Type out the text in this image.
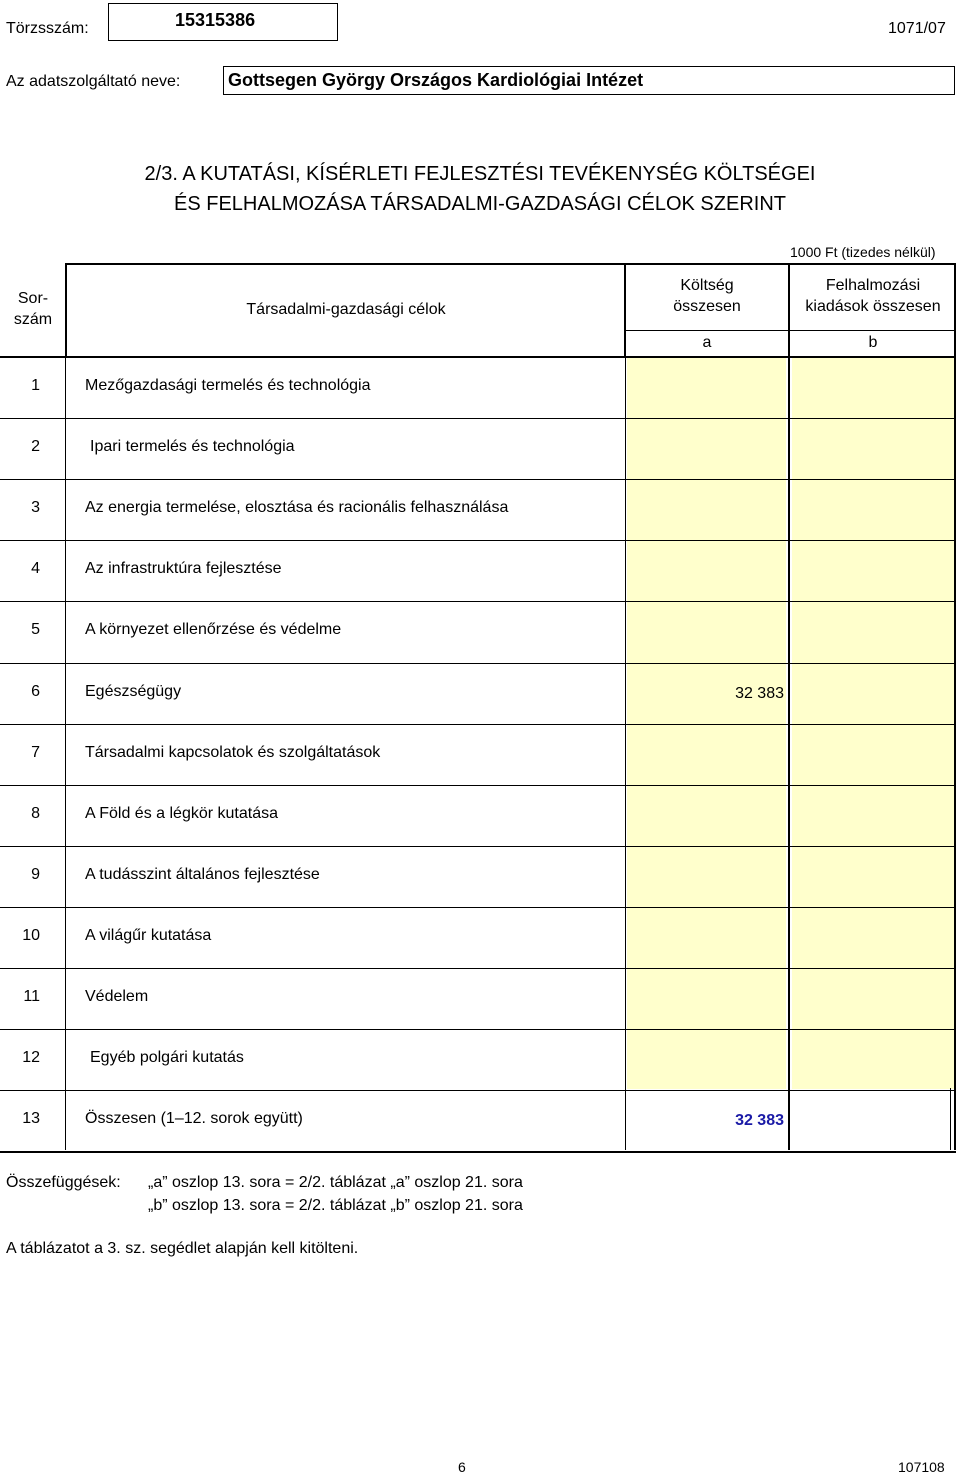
Törzsszám:	15315386	1071/07
Az adatszolgáltató neve:	Gottsegen György Országos Kardiológiai Intézet
2/3. A KUTATÁSI, KÍSÉRLETI FEJLESZTÉSI TEVÉKENYSÉG KÖLTSÉGEI
ÉS FELHALMOZÁSA TÁRSADALMI-GAZDASÁGI CÉLOK SZERINT
1000 Ft (tizedes nélkül)
Sor-
szám
Társadalmi-gazdasági célok
Költség
összesen
Felhalmozási
kiadások összesen
a	b
1	Mezőgazdasági termelés és technológia
2	Ipari termelés és technológia
3	Az energia termelése, elosztása és racionális felhasználása
4	Az infrastruktúra fejlesztése
5	A környezet ellenőrzése és védelme
6	Egészségügy	32 383
7	Társadalmi kapcsolatok és szolgáltatások
8	A Föld és a légkör kutatása
9	A tudásszint általános fejlesztése
10	A világűr kutatása
11	Védelem
12	Egyéb polgári kutatás
13	Összesen (1–12. sorok együtt)	32 383
Összefüggések: „a” oszlop 13. sora = 2/2. táblázat „a” oszlop 21. sora
„b” oszlop 13. sora = 2/2. táblázat „b” oszlop 21. sora
A táblázatot a 3. sz. segédlet alapján kell kitölteni.
6	107108
